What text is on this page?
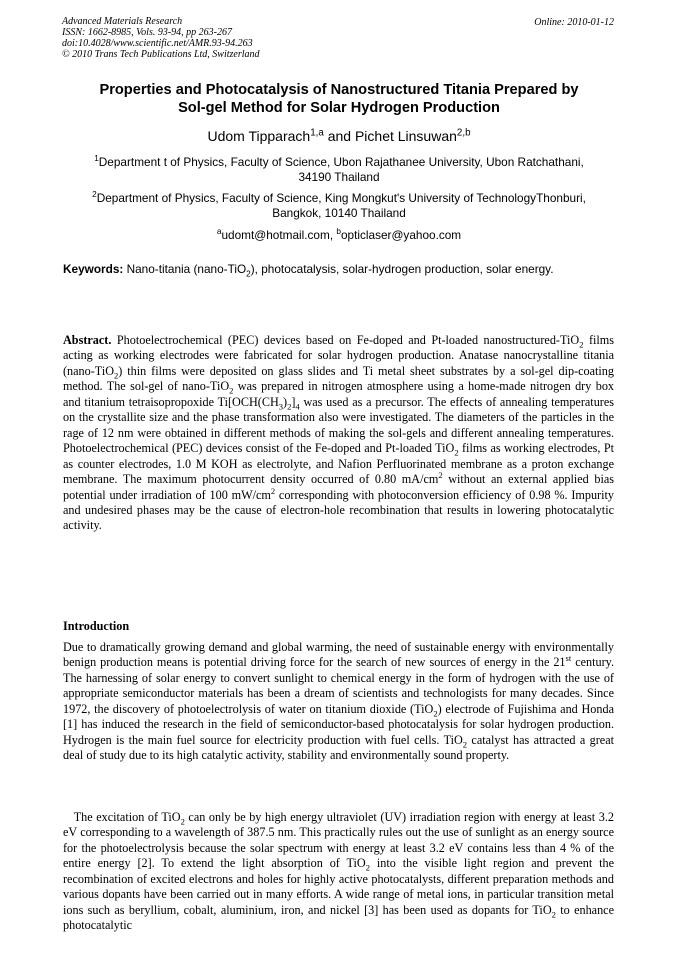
Advanced Materials Research
ISSN: 1662-8985, Vols. 93-94, pp 263-267
doi:10.4028/www.scientific.net/AMR.93-94.263
© 2010 Trans Tech Publications Ltd, Switzerland
Online: 2010-01-12
Properties and Photocatalysis of Nanostructured Titania Prepared by
Sol-gel Method for Solar Hydrogen Production
Udom Tipparach$^{1,a}$ and Pichet Linsuwan$^{2,b}$
$^1$Department t of Physics, Faculty of Science, Ubon Rajathanee University, Ubon Ratchathani,
34190 Thailand
$^2$Department of Physics, Faculty of Science, King Mongkut's University of TechnologyThonburi,
Bangkok, 10140 Thailand
$^a$udomt@hotmail.com, $^b$opticlaser@yahoo.com
Keywords: Nano-titania (nano-TiO$_2$), photocatalysis, solar-hydrogen production, solar energy.
Abstract. Photoelectrochemical (PEC) devices based on Fe-doped and Pt-loaded nanostructured-TiO$_2$ films acting as working electrodes were fabricated for solar hydrogen production. Anatase nanocrystalline titania (nano-TiO$_2$) thin films were deposited on glass slides and Ti metal sheet substrates by a sol-gel dip-coating method. The sol-gel of nano-TiO$_2$ was prepared in nitrogen atmosphere using a home-made nitrogen dry box and titanium tetraisopropoxide $Ti[OCH(CH_3)_2]_4$ was used as a precursor. The effects of annealing temperatures on the crystallite size and the phase transformation also were investigated. The diameters of the particles in the rage of 12 nm were obtained in different methods of making the sol-gels and different annealing temperatures. Photoelectrochemical (PEC) devices consist of the Fe-doped and Pt-loaded TiO$_2$ films as working electrodes, Pt as counter electrodes, 1.0 M KOH as electrolyte, and Nafion Perfluorinated membrane as a proton exchange membrane. The maximum photocurrent density occurred of 0.80 $mA/cm^2$ without an external applied bias potential under irradiation of 100 $mW/cm^2$ corresponding with photoconversion efficiency of 0.98 %. Impurity and undesired phases may be the cause of electron-hole recombination that results in lowering photocatalytic activity.
Introduction
Due to dramatically growing demand and global warming, the need of sustainable energy with environmentally benign production means is potential driving force for the search of new sources of energy in the 21st century. The harnessing of solar energy to convert sunlight to chemical energy in the form of hydrogen with the use of appropriate semiconductor materials has been a dream of scientists and technologists for many decades. Since 1972, the discovery of photoelectrolysis of water on titanium dioxide (TiO$_2$) electrode of Fujishima and Honda [1] has induced the research in the field of semiconductor-based photocatalysis for solar hydrogen production. Hydrogen is the main fuel source for electricity production with fuel cells. TiO$_2$ catalyst has attracted a great deal of study due to its high catalytic activity, stability and environmentally sound property.
The excitation of TiO$_2$ can only be by high energy ultraviolet (UV) irradiation region with energy at least 3.2 eV corresponding to a wavelength of 387.5 nm. This practically rules out the use of sunlight as an energy source for the photoelectrolysis because the solar spectrum with energy at least 3.2 eV contains less than 4 % of the entire energy [2]. To extend the light absorption of TiO$_2$ into the visible light region and prevent the recombination of excited electrons and holes for highly active photocatalysts, different preparation methods and various dopants have been carried out in many efforts. A wide range of metal ions, in particular transition metal ions such as beryllium, cobalt, aluminium, iron, and nickel [3] has been used as dopants for TiO$_2$ to enhance photocatalytic
